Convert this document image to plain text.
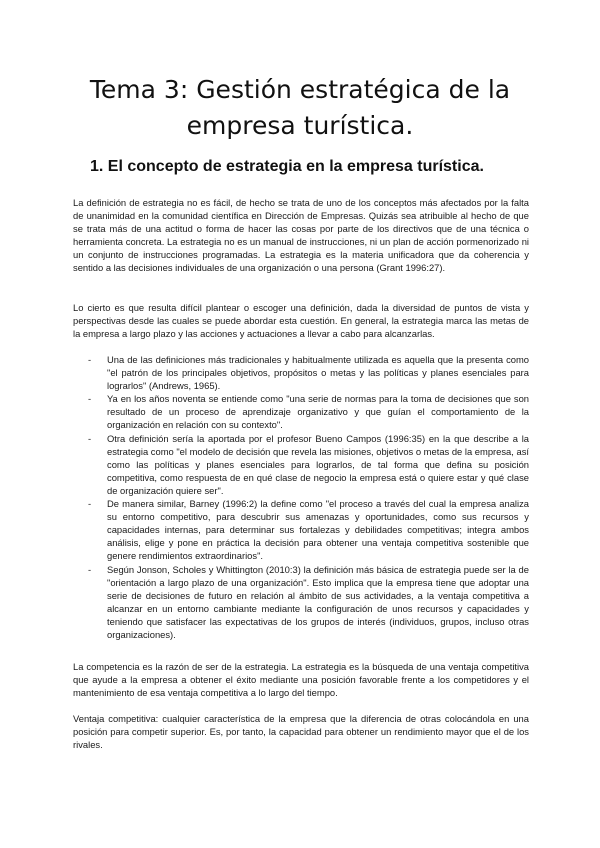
Tema 3: Gestión estratégica de la
empresa turística.
1. El concepto de estrategia en la empresa turística.

La definición de estrategia no es fácil, de hecho se trata de uno de los conceptos más afectados por la falta de unanimidad en la comunidad científica en Dirección de Empresas. Quizás sea atribuible al hecho de que se trata más de una actitud o forma de hacer las cosas por parte de los directivos que de una técnica o herramienta concreta. La estrategia no es un manual de instrucciones, ni un plan de acción pormenorizado ni un conjunto de instrucciones programadas. La estrategia es la materia unificadora que da coherencia y sentido a las decisiones individuales de una organización o una persona (Grant 1996:27).

Lo cierto es que resulta difícil plantear o escoger una definición, dada la diversidad de puntos de vista y perspectivas desde las cuales se puede abordar esta cuestión. En general, la estrategia marca las metas de la empresa a largo plazo y las acciones y actuaciones a llevar a cabo para alcanzarlas.

- Una de las definiciones más tradicionales y habitualmente utilizada es aquella que la presenta como "el patrón de los principales objetivos, propósitos o metas y las políticas y planes esenciales para lograrlos" (Andrews, 1965).
- Ya en los años noventa se entiende como "una serie de normas para la toma de decisiones que son resultado de un proceso de aprendizaje organizativo y que guían el comportamiento de la organización en relación con su contexto".
- Otra definición sería la aportada por el profesor Bueno Campos (1996:35) en la que describe a la estrategia como "el modelo de decisión que revela las misiones, objetivos o metas de la empresa, así como las políticas y planes esenciales para lograrlos, de tal forma que defina su posición competitiva, como respuesta de en qué clase de negocio la empresa está o quiere estar y qué clase de organización quiere ser".
- De manera similar, Barney (1996:2) la define como "el proceso a través del cual la empresa analiza su entorno competitivo, para descubrir sus amenazas y oportunidades, como sus recursos y capacidades internas, para determinar sus fortalezas y debilidades competitivas; integra ambos análisis, elige y pone en práctica la decisión para obtener una ventaja competitiva sostenible que genere rendimientos extraordinarios".
- Según Jonson, Scholes y Whittington (2010:3) la definición más básica de estrategia puede ser la de "orientación a largo plazo de una organización". Esto implica que la empresa tiene que adoptar una serie de decisiones de futuro en relación al ámbito de sus actividades, a la ventaja competitiva a alcanzar en un entorno cambiante mediante la configuración de unos recursos y capacidades y teniendo que satisfacer las expectativas de los grupos de interés (individuos, grupos, incluso otras organizaciones).

La competencia es la razón de ser de la estrategia. La estrategia es la búsqueda de una ventaja competitiva que ayude a la empresa a obtener el éxito mediante una posición favorable frente a los competidores y el mantenimiento de esa ventaja competitiva a lo largo del tiempo.

Ventaja competitiva: cualquier característica de la empresa que la diferencia de otras colocándola en una posición para competir superior. Es, por tanto, la capacidad para obtener un rendimiento mayor que el de los rivales.
